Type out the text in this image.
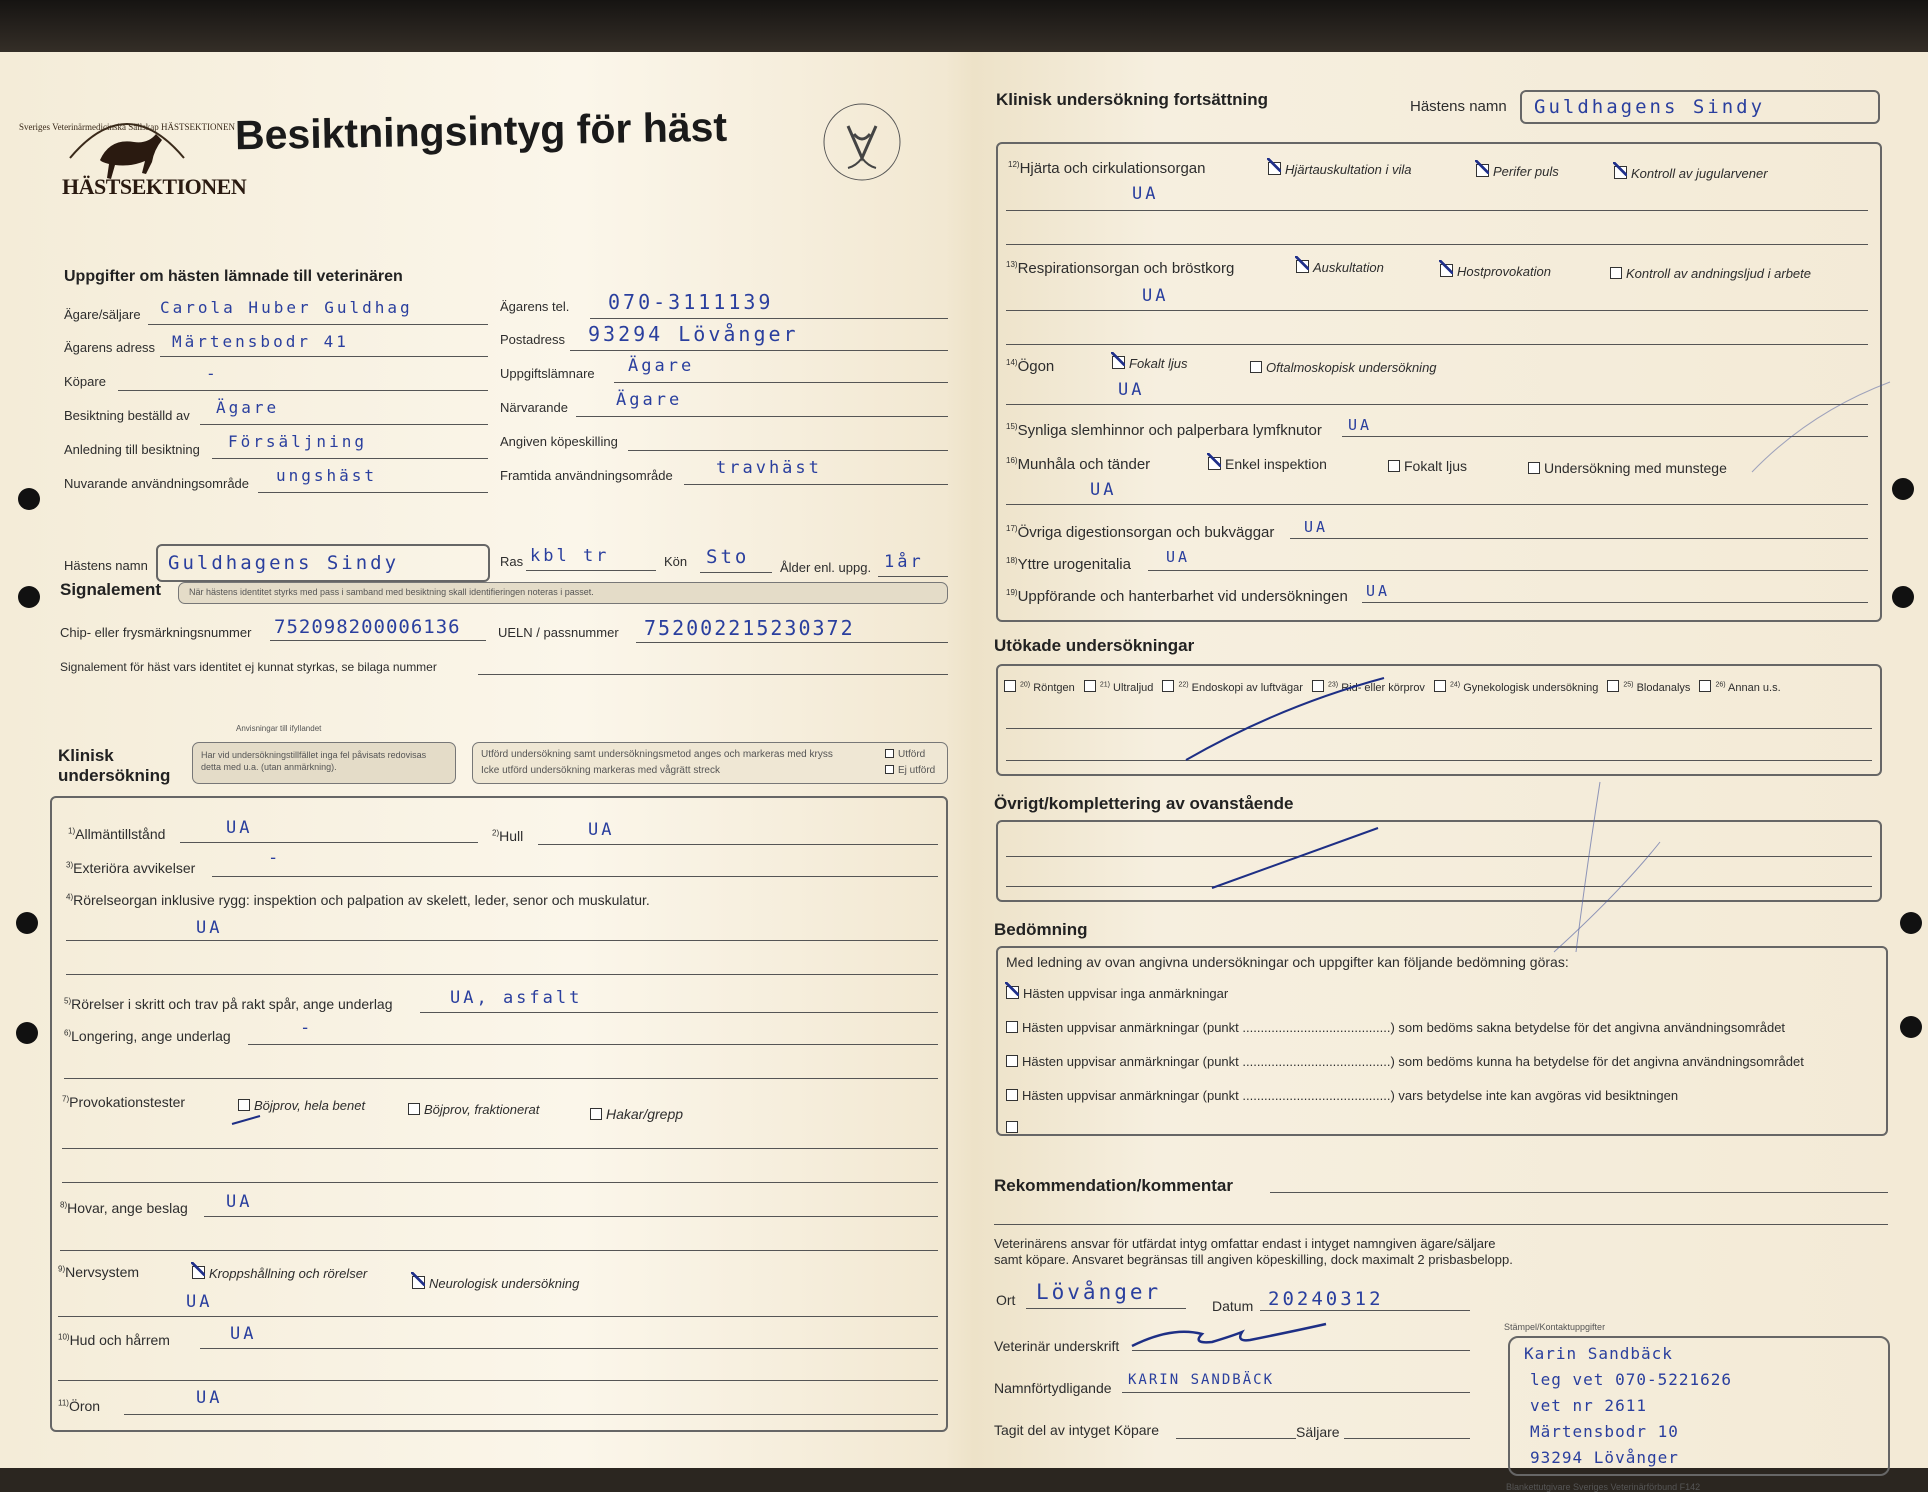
Sveriges Veterinärmedicinska Sällskap HÄSTSEKTIONEN
HÄSTSEKTIONEN
Besiktningsintyg för häst
Uppgifter om hästen lämnade till veterinären
Ägare/säljare Carola Huber Guldhag
Ägarens adress Märtensbodr 41
Köpare	-
Besiktning beställd av Ägare
Anledning till besiktning Försäljning
Nuvarande användningsområde ungshäst
Ägarens tel. 070-3111139
Postadress 93294 Lövånger
Uppgiftslämnare Ägare
Närvarande	Ägare
Angiven köpeskilling
Framtida användningsområde	travhäst
Hästens namn Guldhagens Sindy	Ras kbl tr	Kön Sto Ålder enl. uppg. 1år
Signalement	När hästens identitet styrks med pass i samband med besiktning skall identifieringen noteras i passet.
Chip- eller frysmärkningsnummer 752098200006136	UELN / passnummer 752002215230372
Signalement för häst vars identitet ej kunnat styrkas, se bilaga nummer
Klinisk
undersökning
Anvisningar till ifyllandet
Har vid undersökningstillfället inga fel påvisats redovisas detta med u.a. (utan anmärkning).
Utförd undersökning samt undersökningsmetod anges och markeras med kryss
Icke utförd undersökning markeras med vågrätt streck
Utförd
Ej utförd
$^{1)}$Allmäntillstånd	UA	$^{2)}$Hull	UA
$^{3)}$Exteriöra avvikelser	-
$^{4)}$Rörelseorgan inklusive rygg: inspektion och palpation av skelett, leder, senor och muskulatur.
UA
$^{5)}$Rörelser i skritt och trav på rakt spår, ange underlag	UA, asfalt
$^{6)}$Longering, ange underlag	-
$^{7)}$Provokationstester	Böjprov, hela benet	Böjprov, fraktionerat	Hakar/grepp
$^{8)}$Hovar, ange beslag UA
$^{9)}$Nervsystem	Kroppshållning och rörelser
Neurologisk undersökning
UA
$^{10)}$Hud och hårrem	UA
$^{11)}$Öron	UA
Klinisk undersökning fortsättning	Hästens namn Guldhagens Sindy
$^{12)}$Hjärta och cirkulationsorgan	Hjärtauskultation i vila	Perifer puls	Kontroll av jugularvener
UA
$^{13)}$Respirationsorgan och bröstkorg	Auskultation	Hostprovokation	Kontroll av andningsljud i arbete
UA
$^{14)}$Ögon	Fokalt ljus	Oftalmoskopisk undersökning
UA
$^{15)}$Synliga slemhinnor och palperbara lymfknutor UA
$^{16)}$Munhåla och tänder	Enkel inspektion	Fokalt ljus	Undersökning med munstege
UA
$^{17)}$Övriga digestionsorgan och bukväggar UA
$^{18)}$Yttre urogenitalia UA
$^{19)}$Uppförande och hanterbarhet vid undersökningen UA
Utökade undersökningar
$^{20)}$ Röntgen	$^{21)}$ Ultraljud	$^{22)}$ Endoskopi av luftvägar	$^{23)}$ Rid- eller körprov	$^{24)}$ Gynekologisk undersökning	$^{25)}$ Blodanalys	$^{26)}$ Annan u.s.
Övrigt/komplettering av ovanstående
Bedömning
Med ledning av ovan angivna undersökningar och uppgifter kan följande bedömning göras:
Hästen uppvisar inga anmärkningar
Hästen uppvisar anmärkningar (punkt .........................................) som bedöms sakna betydelse för det angivna användningsområdet
Hästen uppvisar anmärkningar (punkt .........................................) som bedöms kunna ha betydelse för det angivna användningsområdet
Hästen uppvisar anmärkningar (punkt .........................................) vars betydelse inte kan avgöras vid besiktningen
Rekommendation/kommentar
Veterinärens ansvar för utfärdat intyg omfattar endast i intyget namngiven ägare/säljare
samt köpare. Ansvaret begränsas till angiven köpeskilling, dock maximalt 2 prisbasbelopp.
Ort Lövånger
Datum 20240312
Veterinär underskrift
Namnförtydligande KARIN SANDBÄCK
Tagit del av intyget Köpare	Säljare
Stämpel/Kontaktuppgifter
Karin Sandbäck
leg vet 070-5221626
vet nr 2611
Märtensbodr 10
93294 Lövånger
Blankettutgivare Sveriges Veterinärförbund F142
